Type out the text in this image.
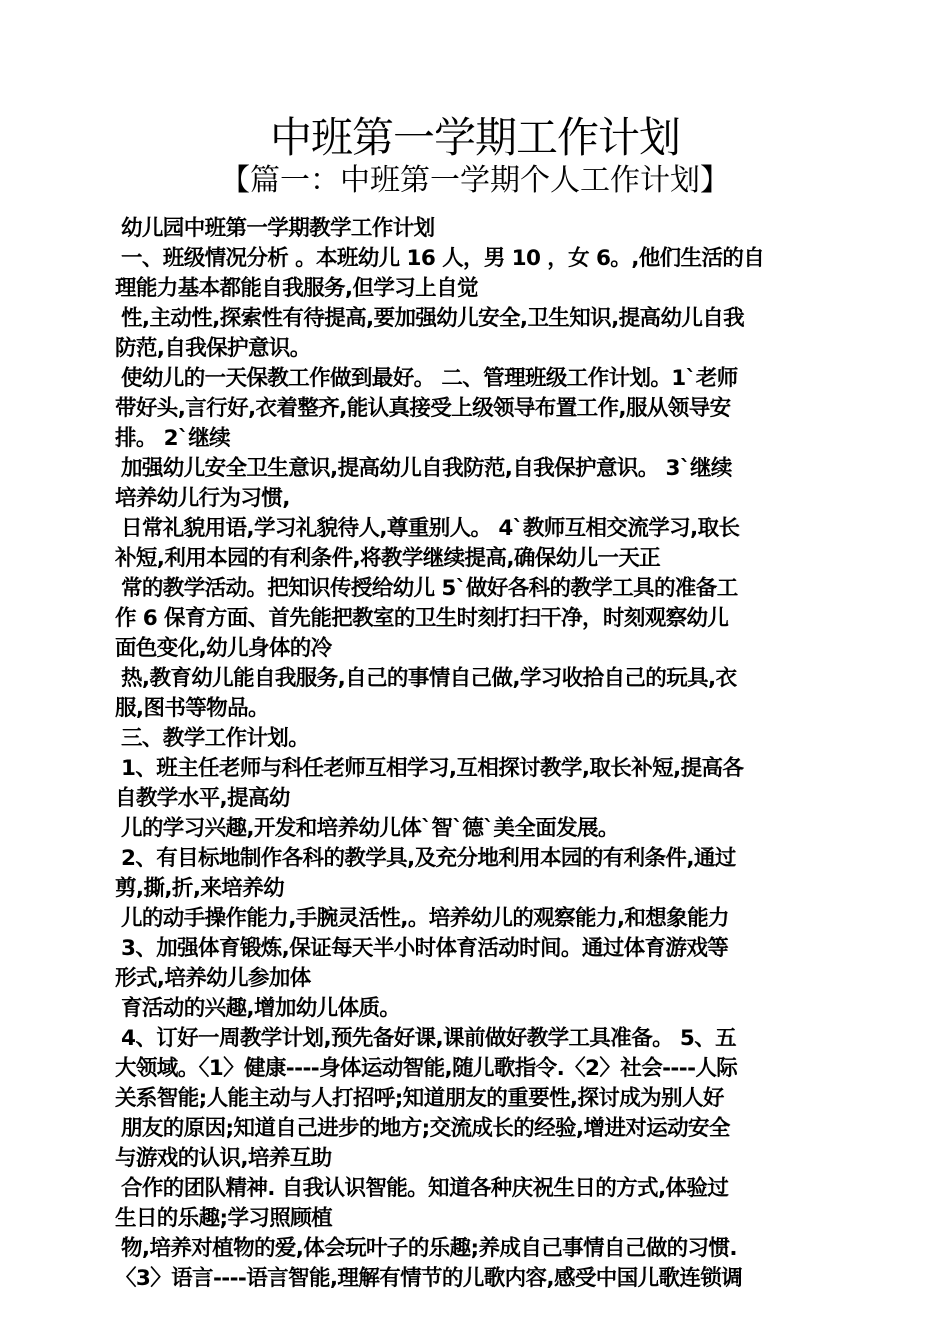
中班第一学期工作计划
【篇一：中班第一学期个人工作计划】
幼儿园中班第一学期教学工作计划
一、班级情况分析 。本班幼儿 16 人，男 10 ，女 6。,他们生活的自
理能力基本都能自我服务,但学习上自觉
性,主动性,探索性有待提高,要加强幼儿安全,卫生知识,提高幼儿自我
防范,自我保护意识。
使幼儿的一天保教工作做到最好。 二、管理班级工作计划。1`老师
带好头,言行好,衣着整齐,能认真接受上级领导布置工作,服从领导安
排。 2`继续
加强幼儿安全卫生意识,提高幼儿自我防范,自我保护意识。 3`继续
培养幼儿行为习惯,
日常礼貌用语,学习礼貌待人,尊重别人。 4`教师互相交流学习,取长
补短,利用本园的有利条件,将教学继续提高,确保幼儿一天正
常的教学活动。把知识传授给幼儿 5`做好各科的教学工具的准备工
作 6 保育方面、首先能把教室的卫生时刻打扫干净，时刻观察幼儿
面色变化,幼儿身体的冷
热,教育幼儿能自我服务,自己的事情自己做,学习收拾自己的玩具,衣
服,图书等物品。
三、教学工作计划。
1、班主任老师与科任老师互相学习,互相探讨教学,取长补短,提高各
自教学水平,提高幼
儿的学习兴趣,开发和培养幼儿体`智`德`美全面发展。
2、有目标地制作各科的教学具,及充分地利用本园的有利条件,通过
剪,撕,折,来培养幼
儿的动手操作能力,手腕灵活性,。培养幼儿的观察能力,和想象能力
3、加强体育锻炼,保证每天半小时体育活动时间。通过体育游戏等
形式,培养幼儿参加体
育活动的兴趣,增加幼儿体质。
4、订好一周教学计划,预先备好课,课前做好教学工具准备。 5、五
大领域。〈1〉健康----身体运动智能,随儿歌指令.〈2〉社会----人际
关系智能;人能主动与人打招呼;知道朋友的重要性,探讨成为别人好
朋友的原因;知道自己进步的地方;交流成长的经验,增进对运动安全
与游戏的认识,培养互助
合作的团队精神. 自我认识智能。知道各种庆祝生日的方式,体验过
生日的乐趣;学习照顾植
物,培养对植物的爱,体会玩叶子的乐趣;养成自己事情自己做的习惯.
〈3〉语言----语言智能,理解有情节的儿歌内容,感受中国儿歌连锁调
